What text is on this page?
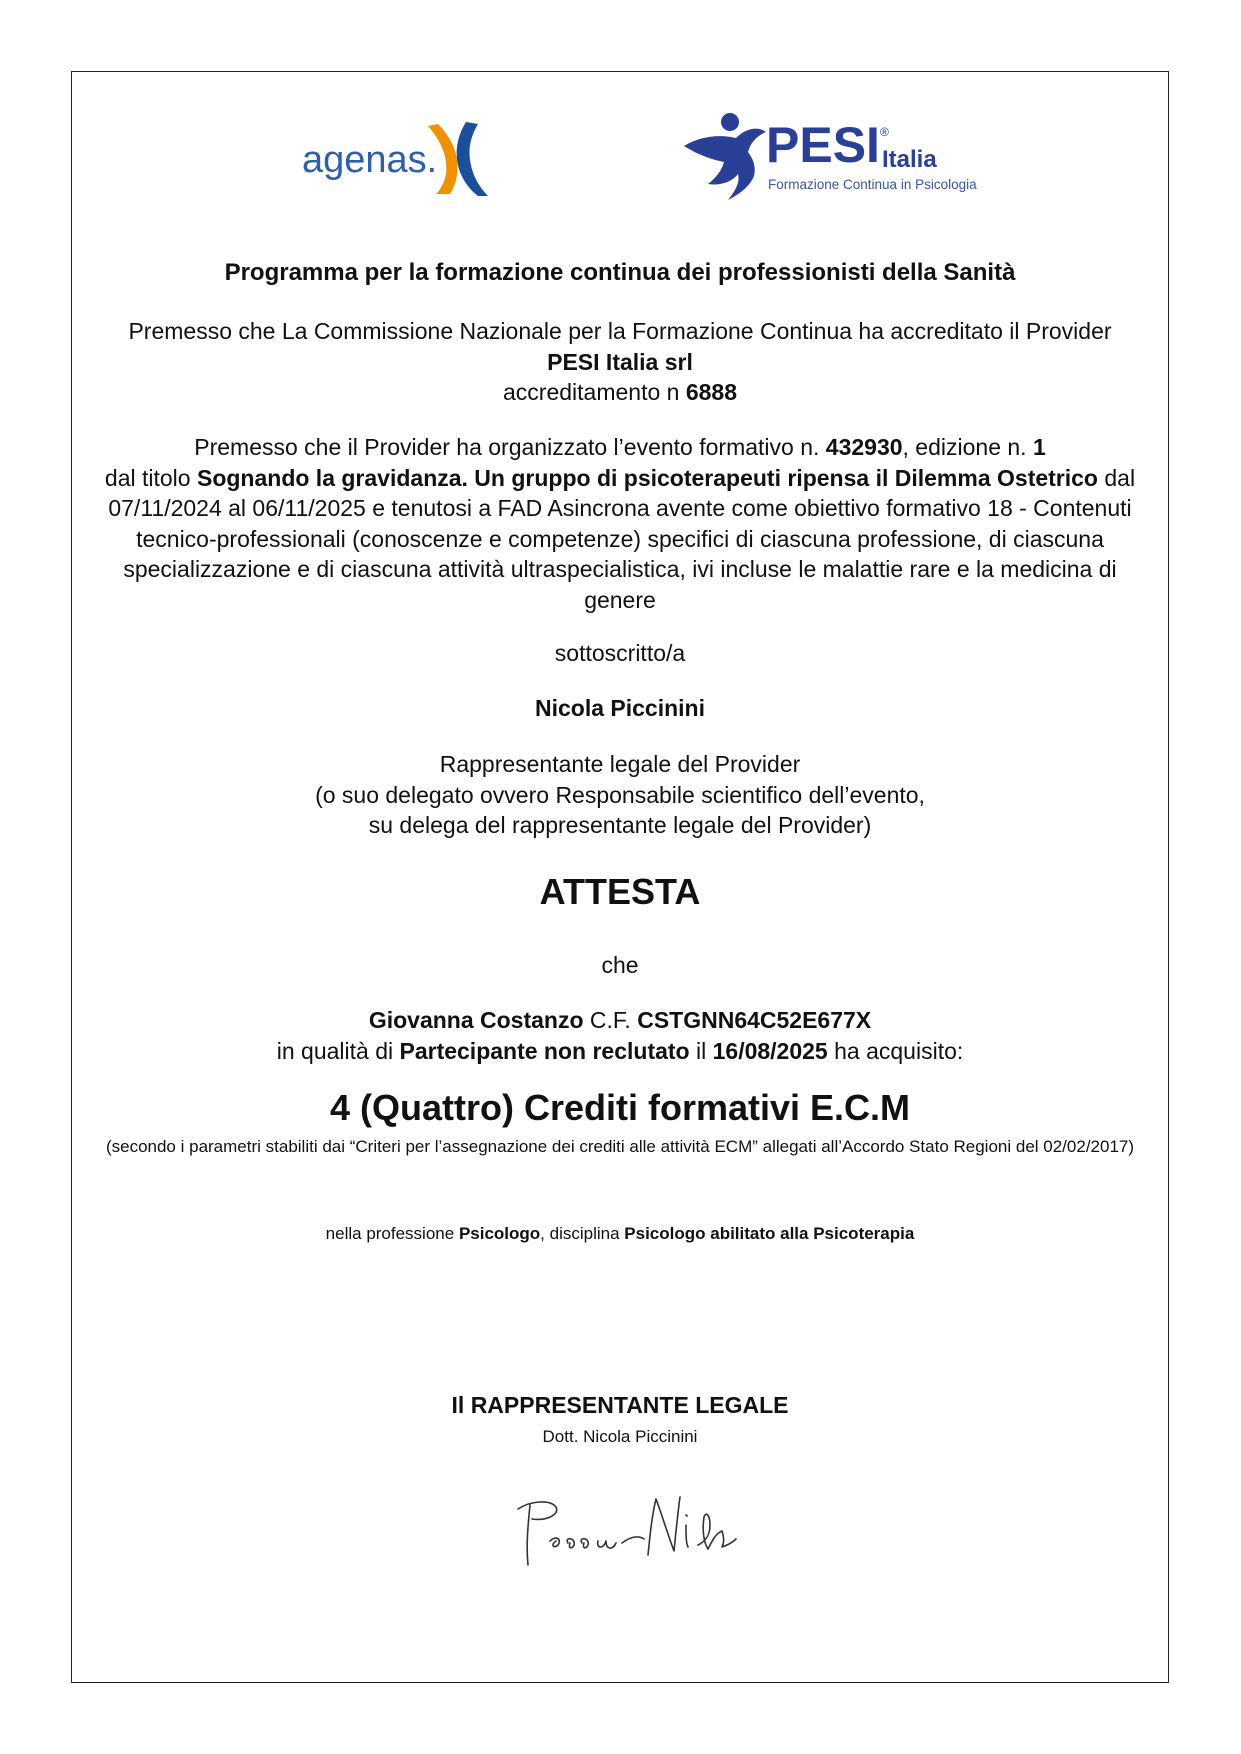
agenas.	PESI ®
Italia
Formazione Continua in Psicologia
Programma per la formazione continua dei professionisti della Sanità
Premesso che La Commissione Nazionale per la Formazione Continua ha accreditato il Provider
PESI Italia srl
accreditamento n 6888
Premesso che il Provider ha organizzato l’evento formativo n. 432930, edizione n. 1
dal titolo Sognando la gravidanza. Un gruppo di psicoterapeuti ripensa il Dilemma Ostetrico dal 07/11/2024 al 06/11/2025 e tenutosi a FAD Asincrona avente come obiettivo formativo 18 - Contenuti tecnico-professionali (conoscenze e competenze) specifici di ciascuna professione, di ciascuna specializzazione e di ciascuna attività ultraspecialistica, ivi incluse le malattie rare e la medicina di genere
sottoscritto/a
Nicola Piccinini
Rappresentante legale del Provider
(o suo delegato ovvero Responsabile scientifico dell’evento,
su delega del rappresentante legale del Provider)
ATTESTA
che
Giovanna Costanzo C.F. CSTGNN64C52E677X
in qualità di Partecipante non reclutato il 16/08/2025 ha acquisito:
4 (Quattro) Crediti formativi E.C.M
(secondo i parametri stabiliti dai “Criteri per l’assegnazione dei crediti alle attività ECM” allegati all’Accordo Stato Regioni del 02/02/2017)
nella professione Psicologo, disciplina Psicologo abilitato alla Psicoterapia
Il RAPPRESENTANTE LEGALE
Dott. Nicola Piccinini
